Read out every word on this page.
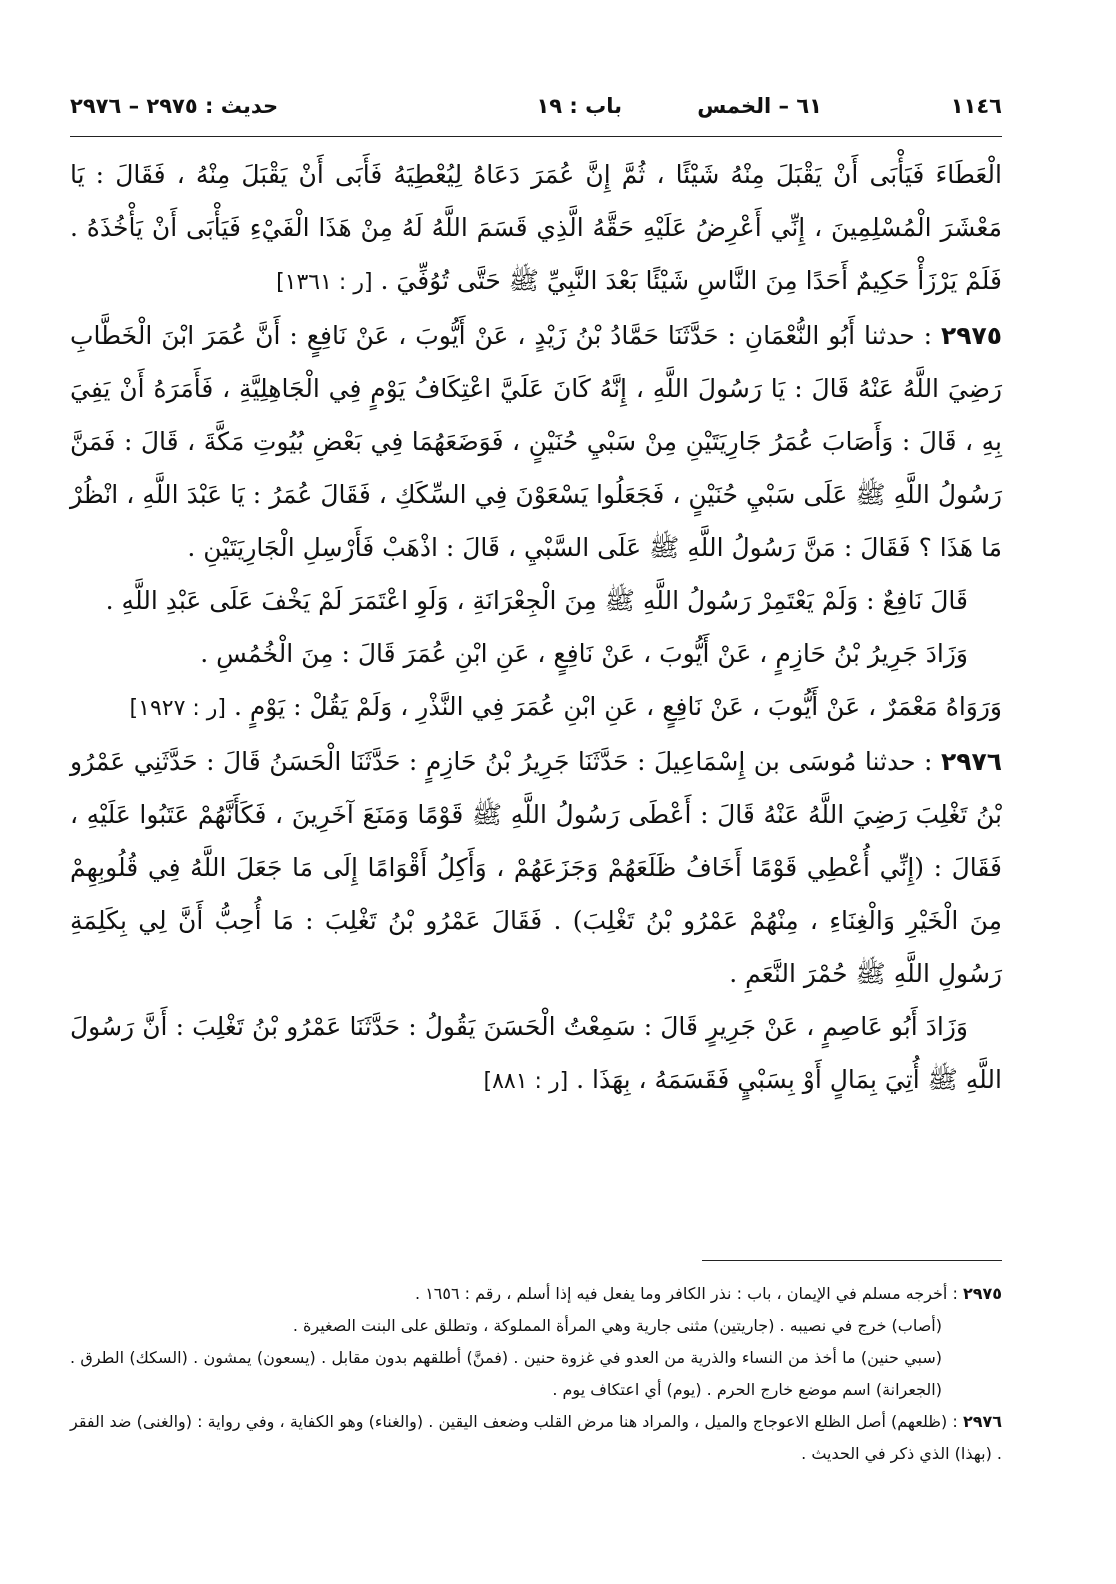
١١٤٦
٦١ – الخمس
باب : ١٩
حديث : ٢٩٧٥ – ٢٩٧٦

الْعَطَاءَ فَيَأْبَى أَنْ يَقْبَلَ مِنْهُ شَيْئًا ، ثُمَّ إِنَّ عُمَرَ دَعَاهُ لِيُعْطِيَهُ فَأَبَى أَنْ يَقْبَلَ مِنْهُ ، فَقَالَ : يَا مَعْشَرَ الْمُسْلِمِينَ ، إِنِّي أَعْرِضُ عَلَيْهِ حَقَّهُ الَّذِي قَسَمَ اللَّهُ لَهُ مِنْ هَذَا الْفَيْءِ فَيَأْبَى أَنْ يَأْخُذَهُ . فَلَمْ يَرْزَأْ حَكِيمٌ أَحَدًا مِنَ النَّاسِ شَيْئًا بَعْدَ النَّبِيِّ ﷺ حَتَّى تُوُفِّيَ . [ر : ١٣٦١]

٢٩٧٥ : حدثنا أَبُو النُّعْمَانِ : حَدَّثَنَا حَمَّادُ بْنُ زَيْدٍ ، عَنْ أَيُّوبَ ، عَنْ نَافِعٍ : أَنَّ عُمَرَ ابْنَ الْخَطَّابِ رَضِيَ اللَّهُ عَنْهُ قَالَ : يَا رَسُولَ اللَّهِ ، إِنَّهُ كَانَ عَلَيَّ اعْتِكَافُ يَوْمٍ فِي الْجَاهِلِيَّةِ ، فَأَمَرَهُ أَنْ يَفِيَ بِهِ ، قَالَ : وَأَصَابَ عُمَرُ جَارِيَتَيْنِ مِنْ سَبْيِ حُنَيْنٍ ، فَوَضَعَهُمَا فِي بَعْضِ بُيُوتِ مَكَّةَ ، قَالَ : فَمَنَّ رَسُولُ اللَّهِ ﷺ عَلَى سَبْيِ حُنَيْنٍ ، فَجَعَلُوا يَسْعَوْنَ فِي السِّكَكِ ، فَقَالَ عُمَرُ : يَا عَبْدَ اللَّهِ ، انْظُرْ مَا هَذَا ؟ فَقَالَ : مَنَّ رَسُولُ اللَّهِ ﷺ عَلَى السَّبْيِ ، قَالَ : اذْهَبْ فَأَرْسِلِ الْجَارِيَتَيْنِ .

قَالَ نَافِعٌ : وَلَمْ يَعْتَمِرْ رَسُولُ اللَّهِ ﷺ مِنَ الْجِعْرَانَةِ ، وَلَوِ اعْتَمَرَ لَمْ يَخْفَ عَلَى عَبْدِ اللَّهِ .

وَزَادَ جَرِيرُ بْنُ حَازِمٍ ، عَنْ أَيُّوبَ ، عَنْ نَافِعٍ ، عَنِ ابْنِ عُمَرَ قَالَ : مِنَ الْخُمُسِ .

وَرَوَاهُ مَعْمَرٌ ، عَنْ أَيُّوبَ ، عَنْ نَافِعٍ ، عَنِ ابْنِ عُمَرَ فِي النَّذْرِ ، وَلَمْ يَقُلْ : يَوْمٍ . [ر : ١٩٢٧]

٢٩٧٦ : حدثنا مُوسَى بن إِسْمَاعِيلَ : حَدَّثَنَا جَرِيرُ بْنُ حَازِمٍ : حَدَّثَنَا الْحَسَنُ قَالَ : حَدَّثَنِي عَمْرُو بْنُ تَغْلِبَ رَضِيَ اللَّهُ عَنْهُ قَالَ : أَعْطَى رَسُولُ اللَّهِ ﷺ قَوْمًا وَمَنَعَ آخَرِينَ ، فَكَأَنَّهُمْ عَتَبُوا عَلَيْهِ ، فَقَالَ : (إِنِّي أُعْطِي قَوْمًا أَخَافُ ظَلَعَهُمْ وَجَزَعَهُمْ ، وَأَكِلُ أَقْوَامًا إِلَى مَا جَعَلَ اللَّهُ فِي قُلُوبِهِمْ مِنَ الْخَيْرِ وَالْغِنَاءِ ، مِنْهُمْ عَمْرُو بْنُ تَغْلِبَ) . فَقَالَ عَمْرُو بْنُ تَغْلِبَ : مَا أُحِبُّ أَنَّ لِي بِكَلِمَةِ رَسُولِ اللَّهِ ﷺ حُمْرَ النَّعَمِ .

وَزَادَ أَبُو عَاصِمٍ ، عَنْ جَرِيرٍ قَالَ : سَمِعْتُ الْحَسَنَ يَقُولُ : حَدَّثَنَا عَمْرُو بْنُ تَغْلِبَ : أَنَّ رَسُولَ اللَّهِ ﷺ أُتِيَ بِمَالٍ أَوْ بِسَبْيٍ فَقَسَمَهُ ، بِهَذَا . [ر : ٨٨١]

٢٩٧٥ : أخرجه مسلم في الإيمان ، باب : نذر الكافر وما يفعل فيه إذا أسلم ، رقم : ١٦٥٦ .

(أصاب) خرج في نصيبه . (جاريتين) مثنى جارية وهي المرأة المملوكة ، وتطلق على البنت الصغيرة .

(سبي حنين) ما أخذ من النساء والذرية من العدو في غزوة حنين . (فمنَّ) أطلقهم بدون مقابل . (يسعون) يمشون . (السكك) الطرق . (الجعرانة) اسم موضع خارج الحرم . (يوم) أي اعتكاف يوم .

٢٩٧٦ : (ظلعهم) أصل الظلع الاعوجاج والميل ، والمراد هنا مرض القلب وضعف اليقين . (والغناء) وهو الكفاية ، وفي رواية : (والغنى) ضد الفقر . (بهذا) الذي ذكر في الحديث .
